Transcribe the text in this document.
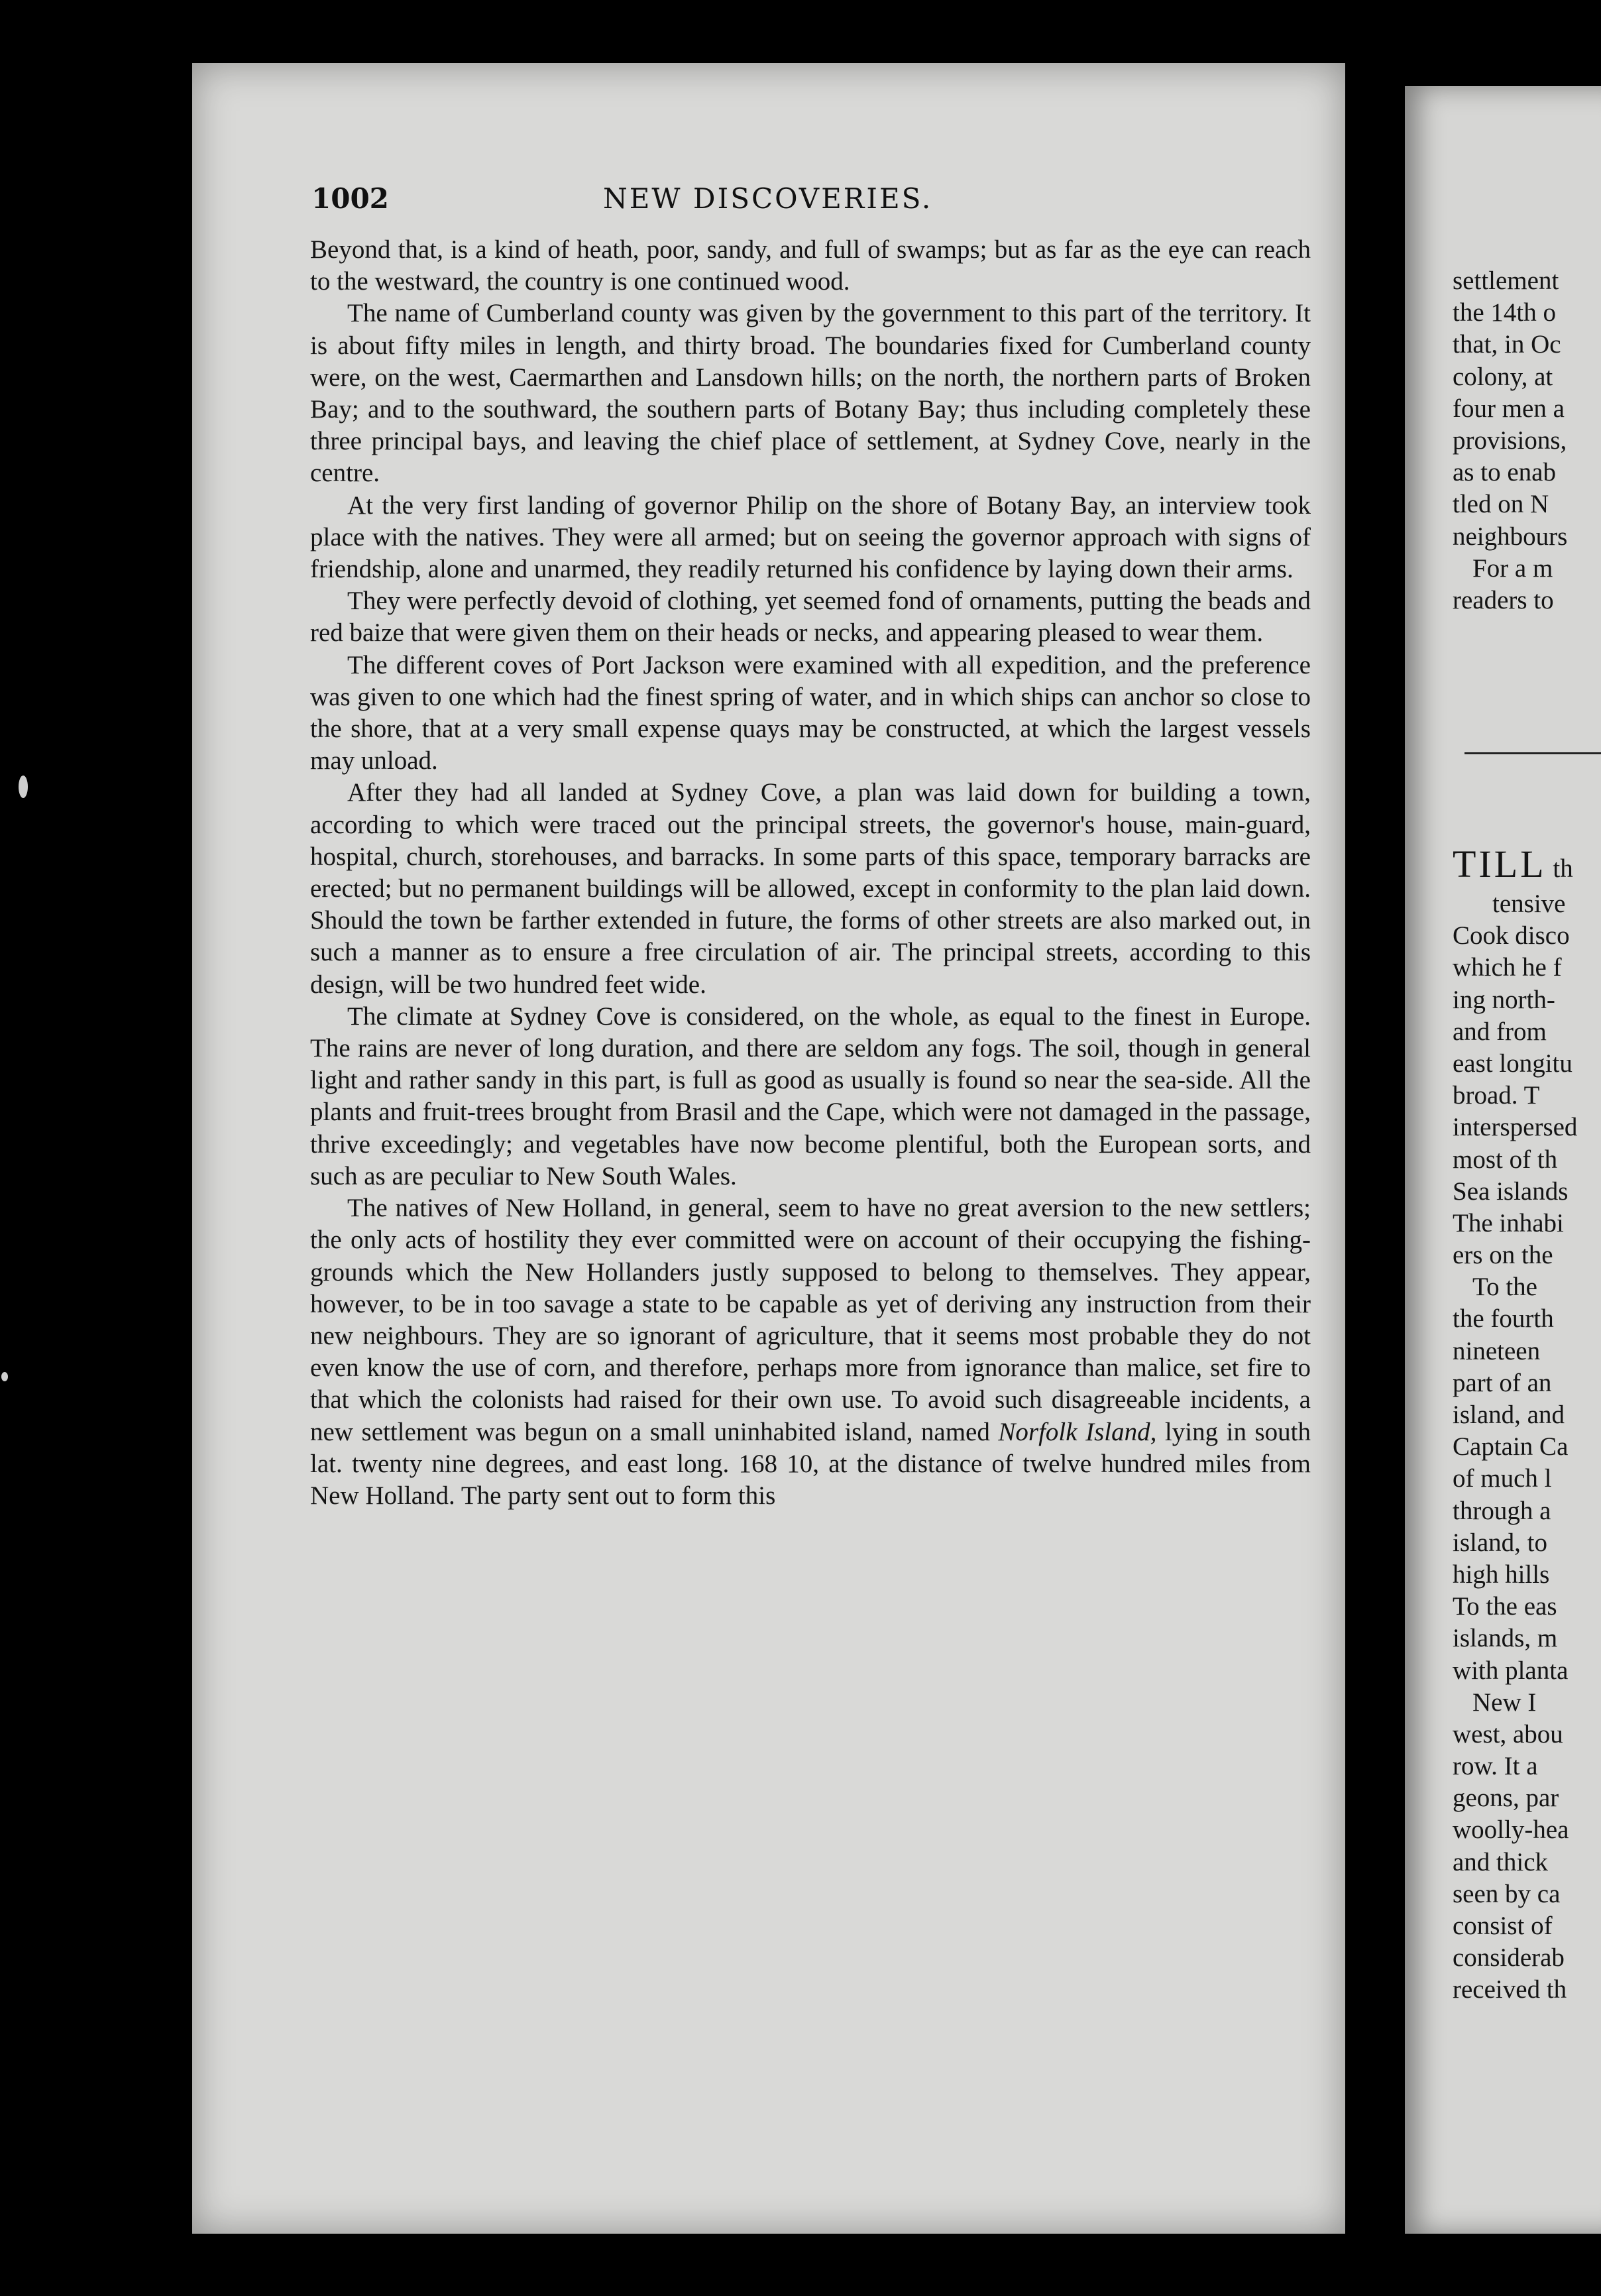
1002	NEW DISCOVERIES.

Beyond that, is a kind of heath, poor, sandy, and full of swamps; but as far as the eye can reach to the westward, the country is one continued wood.

The name of Cumberland county was given by the government to this part of the territory. It is about fifty miles in length, and thirty broad. The boundaries fixed for Cumberland county were, on the west, Caermarthen and Lansdown hills; on the north, the northern parts of Broken Bay; and to the southward, the southern parts of Botany Bay; thus including completely these three principal bays, and leaving the chief place of settlement, at Sydney Cove, nearly in the centre.

At the very first landing of governor Philip on the shore of Botany Bay, an interview took place with the natives. They were all armed; but on seeing the governor approach with signs of friendship, alone and unarmed, they readily returned his confidence by laying down their arms.

They were perfectly devoid of clothing, yet seemed fond of ornaments, putting the beads and red baize that were given them on their heads or necks, and appearing pleased to wear them.

The different coves of Port Jackson were examined with all expedition, and the preference was given to one which had the finest spring of water, and in which ships can anchor so close to the shore, that at a very small expense quays may be constructed, at which the largest vessels may unload.

After they had all landed at Sydney Cove, a plan was laid down for building a town, according to which were traced out the principal streets, the governor's house, main-guard, hospital, church, storehouses, and barracks. In some parts of this space, temporary barracks are erected; but no permanent buildings will be allowed, except in conformity to the plan laid down. Should the town be farther extended in future, the forms of other streets are also marked out, in such a manner as to ensure a free circulation of air. The principal streets, according to this design, will be two hundred feet wide.

The climate at Sydney Cove is considered, on the whole, as equal to the finest in Europe. The rains are never of long duration, and there are seldom any fogs. The soil, though in general light and rather sandy in this part, is full as good as usually is found so near the sea-side. All the plants and fruit-trees brought from Brasil and the Cape, which were not damaged in the passage, thrive exceedingly; and vegetables have now become plentiful, both the European sorts, and such as are peculiar to New South Wales.

The natives of New Holland, in general, seem to have no great aversion to the new settlers; the only acts of hostility they ever committed were on account of their occupying the fishing-grounds which the New Hollanders justly supposed to belong to themselves. They appear, however, to be in too savage a state to be capable as yet of deriving any instruction from their new neighbours. They are so ignorant of agriculture, that it seems most probable they do not even know the use of corn, and therefore, perhaps more from ignorance than malice, set fire to that which the colonists had raised for their own use. To avoid such disagreeable incidents, a new settlement was begun on a small uninhabited island, named Norfolk Island, lying in south lat. twenty nine degrees, and east long. 168 10, at the distance of twelve hundred miles from New Holland. The party sent out to form this

settlement
the 14th o
that, in Oc
colony, at
four men a
provisions,
as to enab
tled on N
neighbours
For a m
readers to
TILL th
tensive
Cook disco
which he f
ing north-
and from
east longitu
broad. T
interspersed
most of th
Sea islands
The inhabi
ers on the
To the
the fourth
nineteen
part of an
island, and
Captain Ca
of much l
through a
island, to
high hills
To the eas
islands, m
with planta
New I
west, abou
row. It a
geons, par
woolly-hea
and thick
seen by ca
consist of
considerab
received th
